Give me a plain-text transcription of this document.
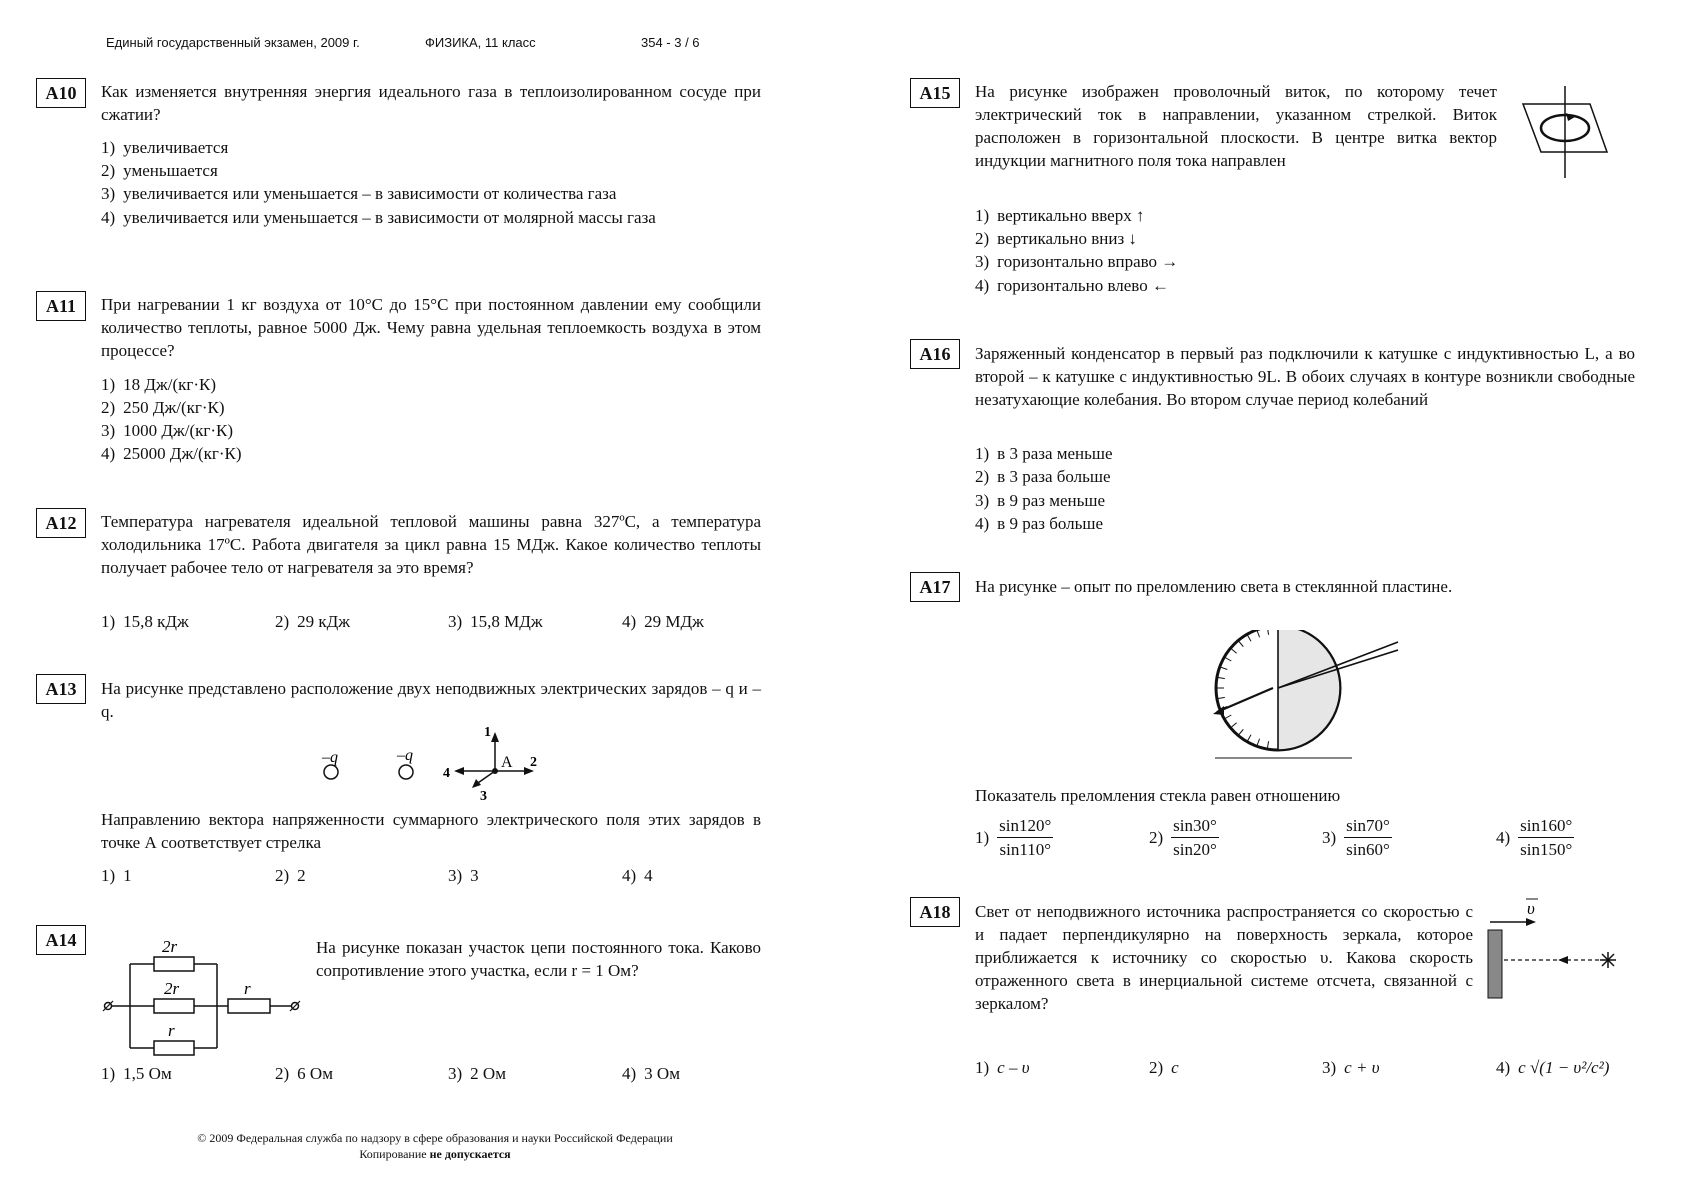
Единый государственный экзамен, 2009 г.	ФИЗИКА, 11 класс	354 - 3 / 6
A10	Как изменяется внутренняя энергия идеального газа в теплоизолированном сосуде при сжатии?
1) увеличивается
2) уменьшается
3) увеличивается или уменьшается – в зависимости от количества газа
4) увеличивается или уменьшается – в зависимости от молярной массы газа
A11	При нагревании 1 кг воздуха от 10°С до 15°С при постоянном давлении ему сообщили количество теплоты, равное 5000 Дж. Чему равна удельная теплоемкость воздуха в этом процессе?
1) 18 Дж/(кг·К)
2) 250 Дж/(кг·К)
3) 1000 Дж/(кг·К)
4) 25000 Дж/(кг·К)
A12	Температура нагревателя идеальной тепловой машины равна 327ºС, а температура холодильника 17ºС. Работа двигателя за цикл равна 15 МДж. Какое количество теплоты получает рабочее тело от нагревателя за это время?
1) 15,8 кДж	2) 29 кДж	3) 15,8 МДж	4) 29 МДж
A13	На рисунке представлено расположение двух неподвижных электрических зарядов – q и – q.
–q	–q
1
2
3
4
A
Направлению вектора напряженности суммарного электрического поля этих зарядов в точке А соответствует стрелка
1) 1	2) 2	3) 3	4) 4
A14	2r
2r
r
r
На рисунке показан участок цепи постоянного тока. Каково сопротивление этого участка, если r = 1 Ом?
1) 1,5 Ом	2) 6 Ом	3) 2 Ом	4) 3 Ом
© 2009 Федеральная служба по надзору в сфере образования и науки Российской Федерации
Копирование не допускается
A15	На рисунке изображен проволочный виток, по которому течет электрический ток в направлении, указанном стрелкой. Виток расположен в горизонтальной плоскости. В центре витка вектор индукции магнитного поля тока направлен
1) вертикально вверх ↑
2) вертикально вниз ↓
3) горизонтально вправо →
4) горизонтально влево ←
A16	Заряженный конденсатор в первый раз подключили к катушке с индуктивностью L, а во второй – к катушке с индуктивностью 9L. В обоих случаях в контуре возникли свободные незатухающие колебания. Во втором случае период колебаний
1) в 3 раза меньше
2) в 3 раза больше
3) в 9 раз меньше
4) в 9 раз больше
A17	На рисунке – опыт по преломлению света в стеклянной пластине.
Показатель преломления стекла равен отношению
$1) \frac{\sin 120^\circ}{\sin 110^\circ}$	$2) \frac{\sin 30^\circ}{\sin 20^\circ}$	$3) \frac{\sin 70^\circ}{\sin 60^\circ}$	$4) \frac{\sin 160^\circ}{\sin 150^\circ}$
A18	Свет от неподвижного источника распространяется со скоростью c и падает перпендикулярно на поверхность зеркала, которое приближается к источнику со скоростью υ. Какова скорость отраженного света в инерциальной системе отсчета, связанной с зеркалом?
υ
1) c – υ	2) c	3) c + υ	4) c √(1 − υ²/c²)
